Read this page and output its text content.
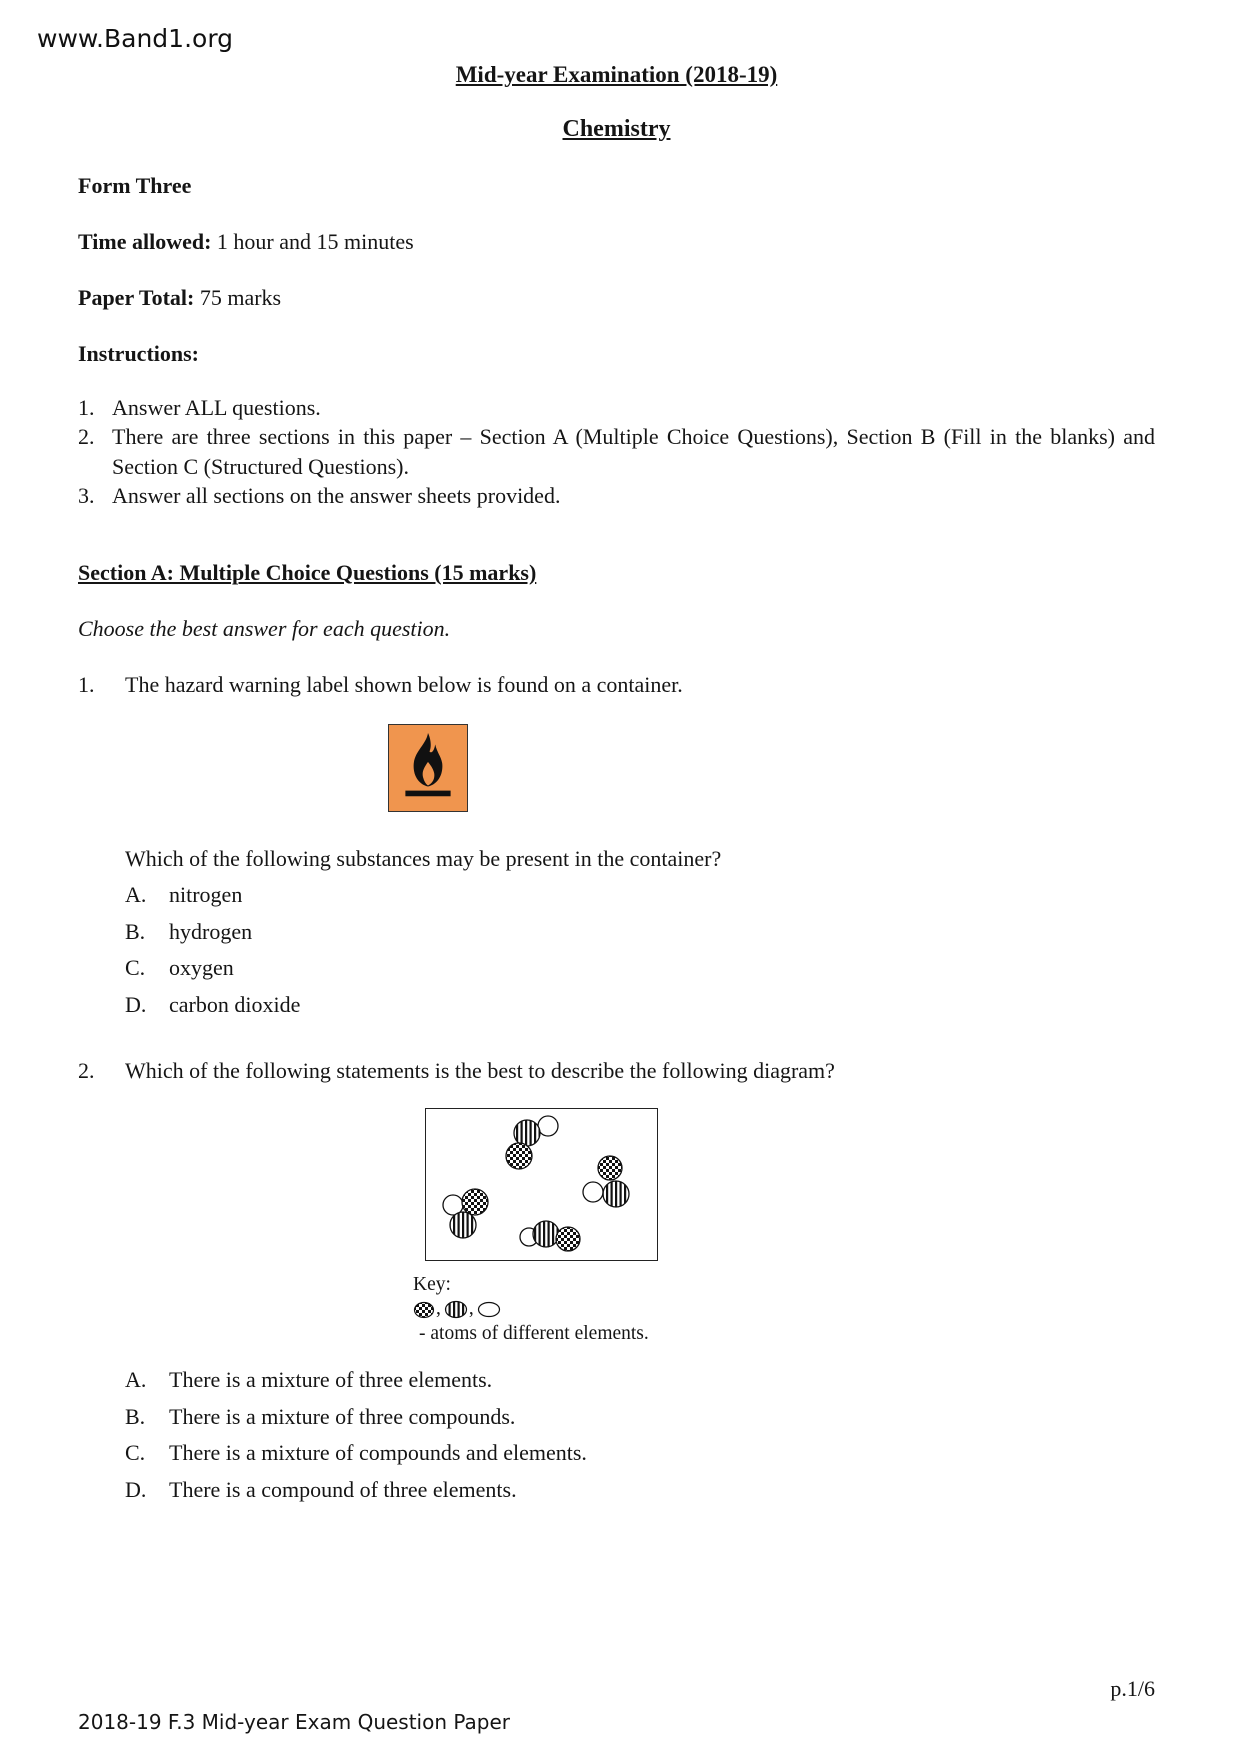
www.Band1.org
Mid-year Examination (2018-19)
Chemistry
Form Three
Time allowed: 1 hour and 15 minutes
Paper Total: 75 marks
Instructions:
1. Answer ALL questions.
2. There are three sections in this paper – Section A (Multiple Choice Questions), Section B (Fill in the blanks) and Section C (Structured Questions).
3. Answer all sections on the answer sheets provided.
Section A: Multiple Choice Questions (15 marks)
Choose the best answer for each question.
1.	The hazard warning label shown below is found on a container.
Which of the following substances may be present in the container?
A.	nitrogen
B.	hydrogen
C.	oxygen
D.	carbon dioxide
2.	Which of the following statements is the best to describe the following diagram?
Key:
, ,
- atoms of different elements.
A.	There is a mixture of three elements.
B.	There is a mixture of three compounds.
C.	There is a mixture of compounds and elements.
D.	There is a compound of three elements.
p.1/6
2018-19 F.3 Mid-year Exam Question Paper
